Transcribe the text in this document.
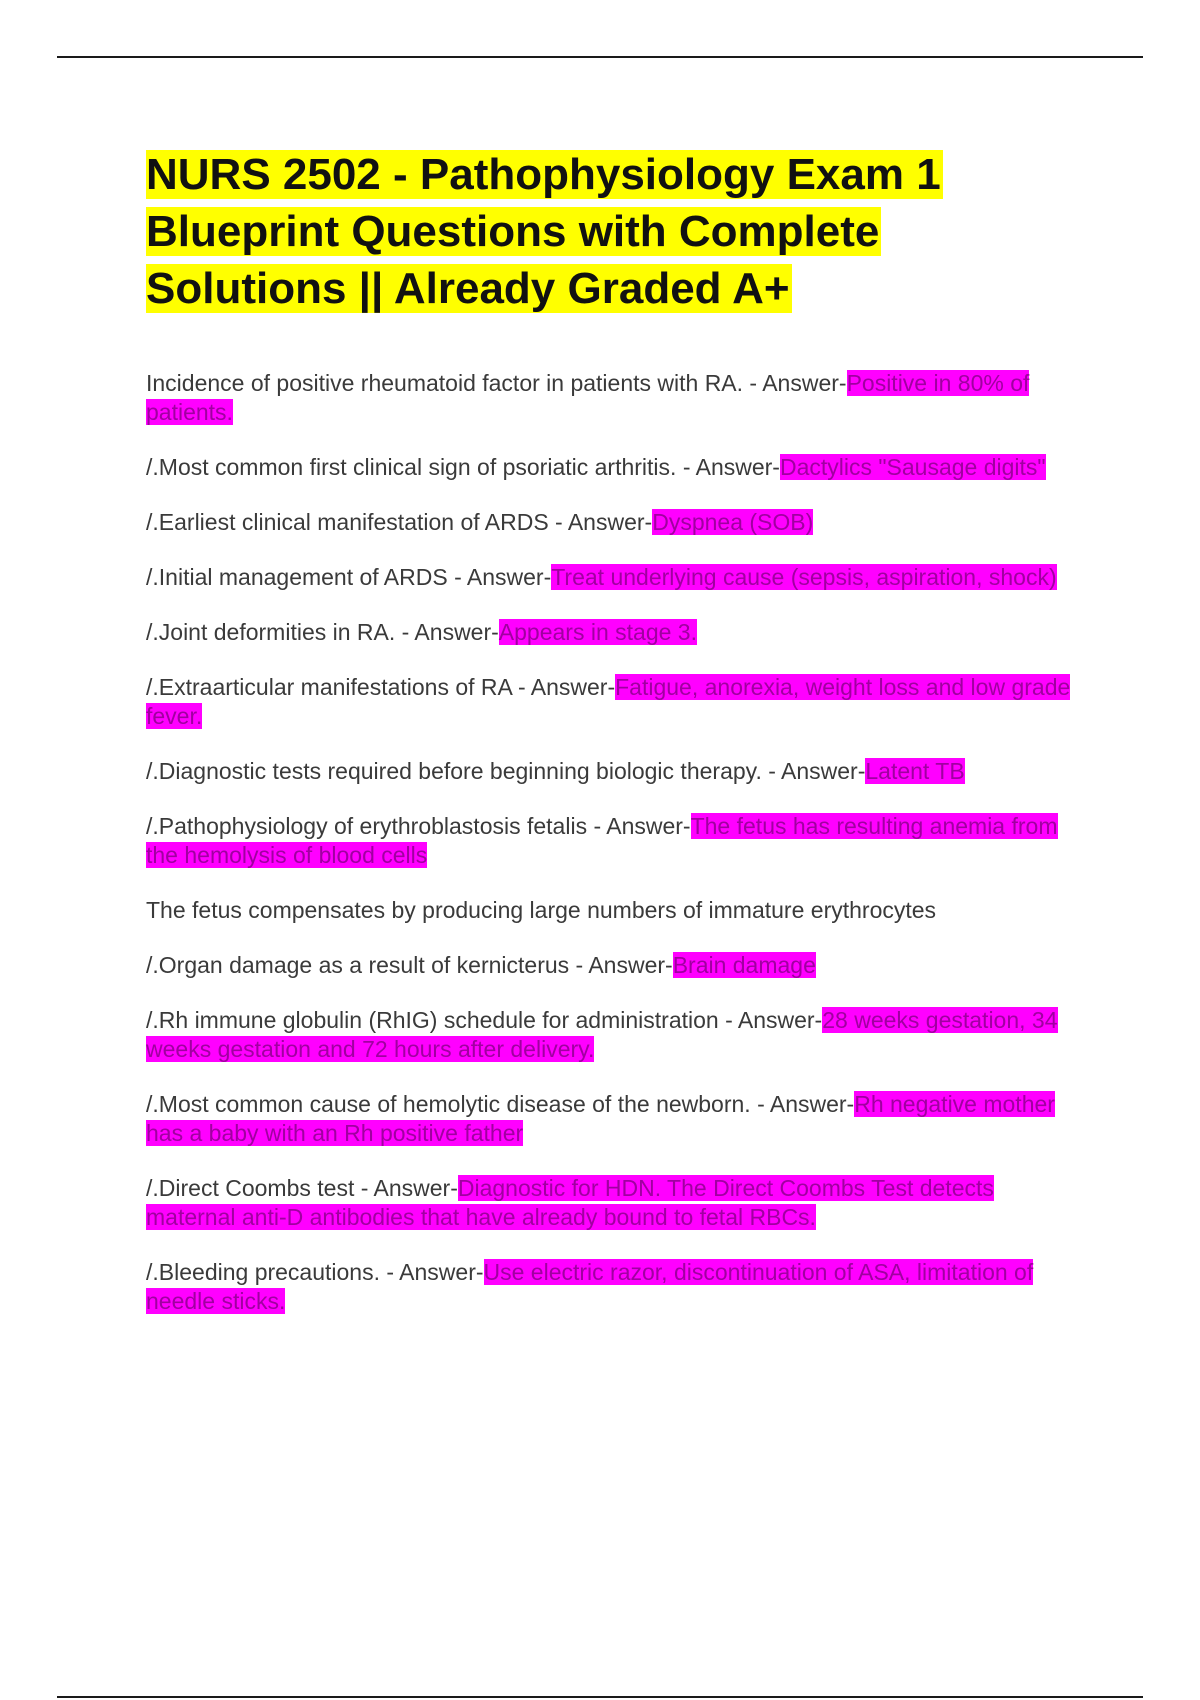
NURS 2502 - Pathophysiology Exam 1 Blueprint Questions with Complete Solutions || Already Graded A+

Incidence of positive rheumatoid factor in patients with RA. - Answer-Positive in 80% of patients.

/.Most common first clinical sign of psoriatic arthritis. - Answer-Dactylics "Sausage digits"

/.Earliest clinical manifestation of ARDS - Answer-Dyspnea (SOB)

/.Initial management of ARDS - Answer-Treat underlying cause (sepsis, aspiration, shock)

/.Joint deformities in RA. - Answer-Appears in stage 3.

/.Extraarticular manifestations of RA - Answer-Fatigue, anorexia, weight loss and low grade fever.

/.Diagnostic tests required before beginning biologic therapy. - Answer-Latent TB

/.Pathophysiology of erythroblastosis fetalis - Answer-The fetus has resulting anemia from the hemolysis of blood cells

The fetus compensates by producing large numbers of immature erythrocytes

/.Organ damage as a result of kernicterus - Answer-Brain damage

/.Rh immune globulin (RhIG) schedule for administration - Answer-28 weeks gestation, 34 weeks gestation and 72 hours after delivery.

/.Most common cause of hemolytic disease of the newborn. - Answer-Rh negative mother has a baby with an Rh positive father

/.Direct Coombs test - Answer-Diagnostic for HDN. The Direct Coombs Test detects maternal anti-D antibodies that have already bound to fetal RBCs.

/.Bleeding precautions. - Answer-Use electric razor, discontinuation of ASA, limitation of needle sticks.
